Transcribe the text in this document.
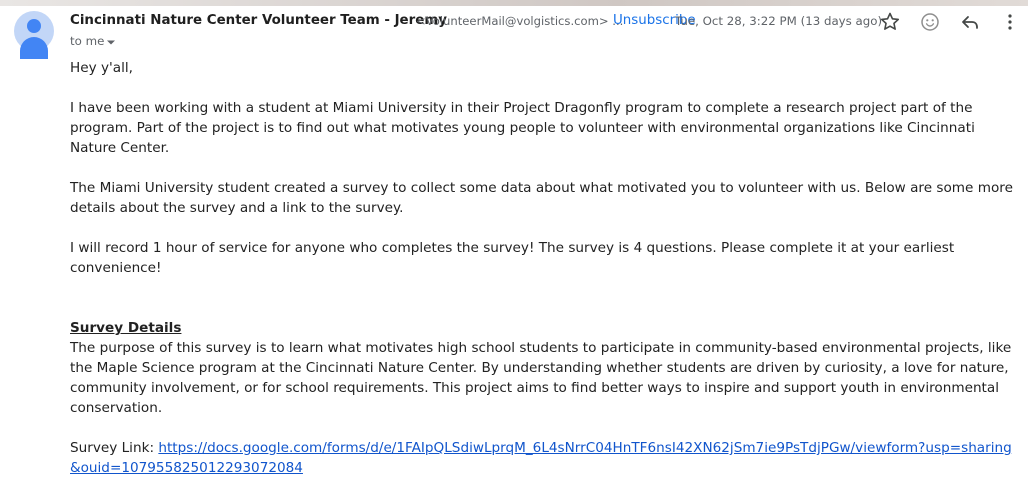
Cincinnati Nature Center Volunteer Team - Jeremy
<VolunteerMail@volgistics.com> ...
Unsubscribe
Tue, Oct 28, 3:22 PM (13 days ago)
to me

Hey y'all,

I have been working with a student at Miami University in their Project Dragonfly program to complete a research project part of the program. Part of the project is to find out what motivates young people to volunteer with environmental organizations like Cincinnati Nature Center.

The Miami University student created a survey to collect some data about what motivated you to volunteer with us. Below are some more details about the survey and a link to the survey.

I will record 1 hour of service for anyone who completes the survey! The survey is 4 questions. Please complete it at your earliest convenience!

Survey Details

The purpose of this survey is to learn what motivates high school students to participate in community-based environmental projects, like the Maple Science program at the Cincinnati Nature Center. By understanding whether students are driven by curiosity, a love for nature, community involvement, or for school requirements. This project aims to find better ways to inspire and support youth in environmental conservation.

Survey Link: https://docs.google.com/forms/d/e/1FAIpQLSdiwLprqM_6L4sNrrC04HnTF6nsI42XN62jSm7ie9PsTdjPGw/viewform?usp=sharing&ouid=107955825012293072084
